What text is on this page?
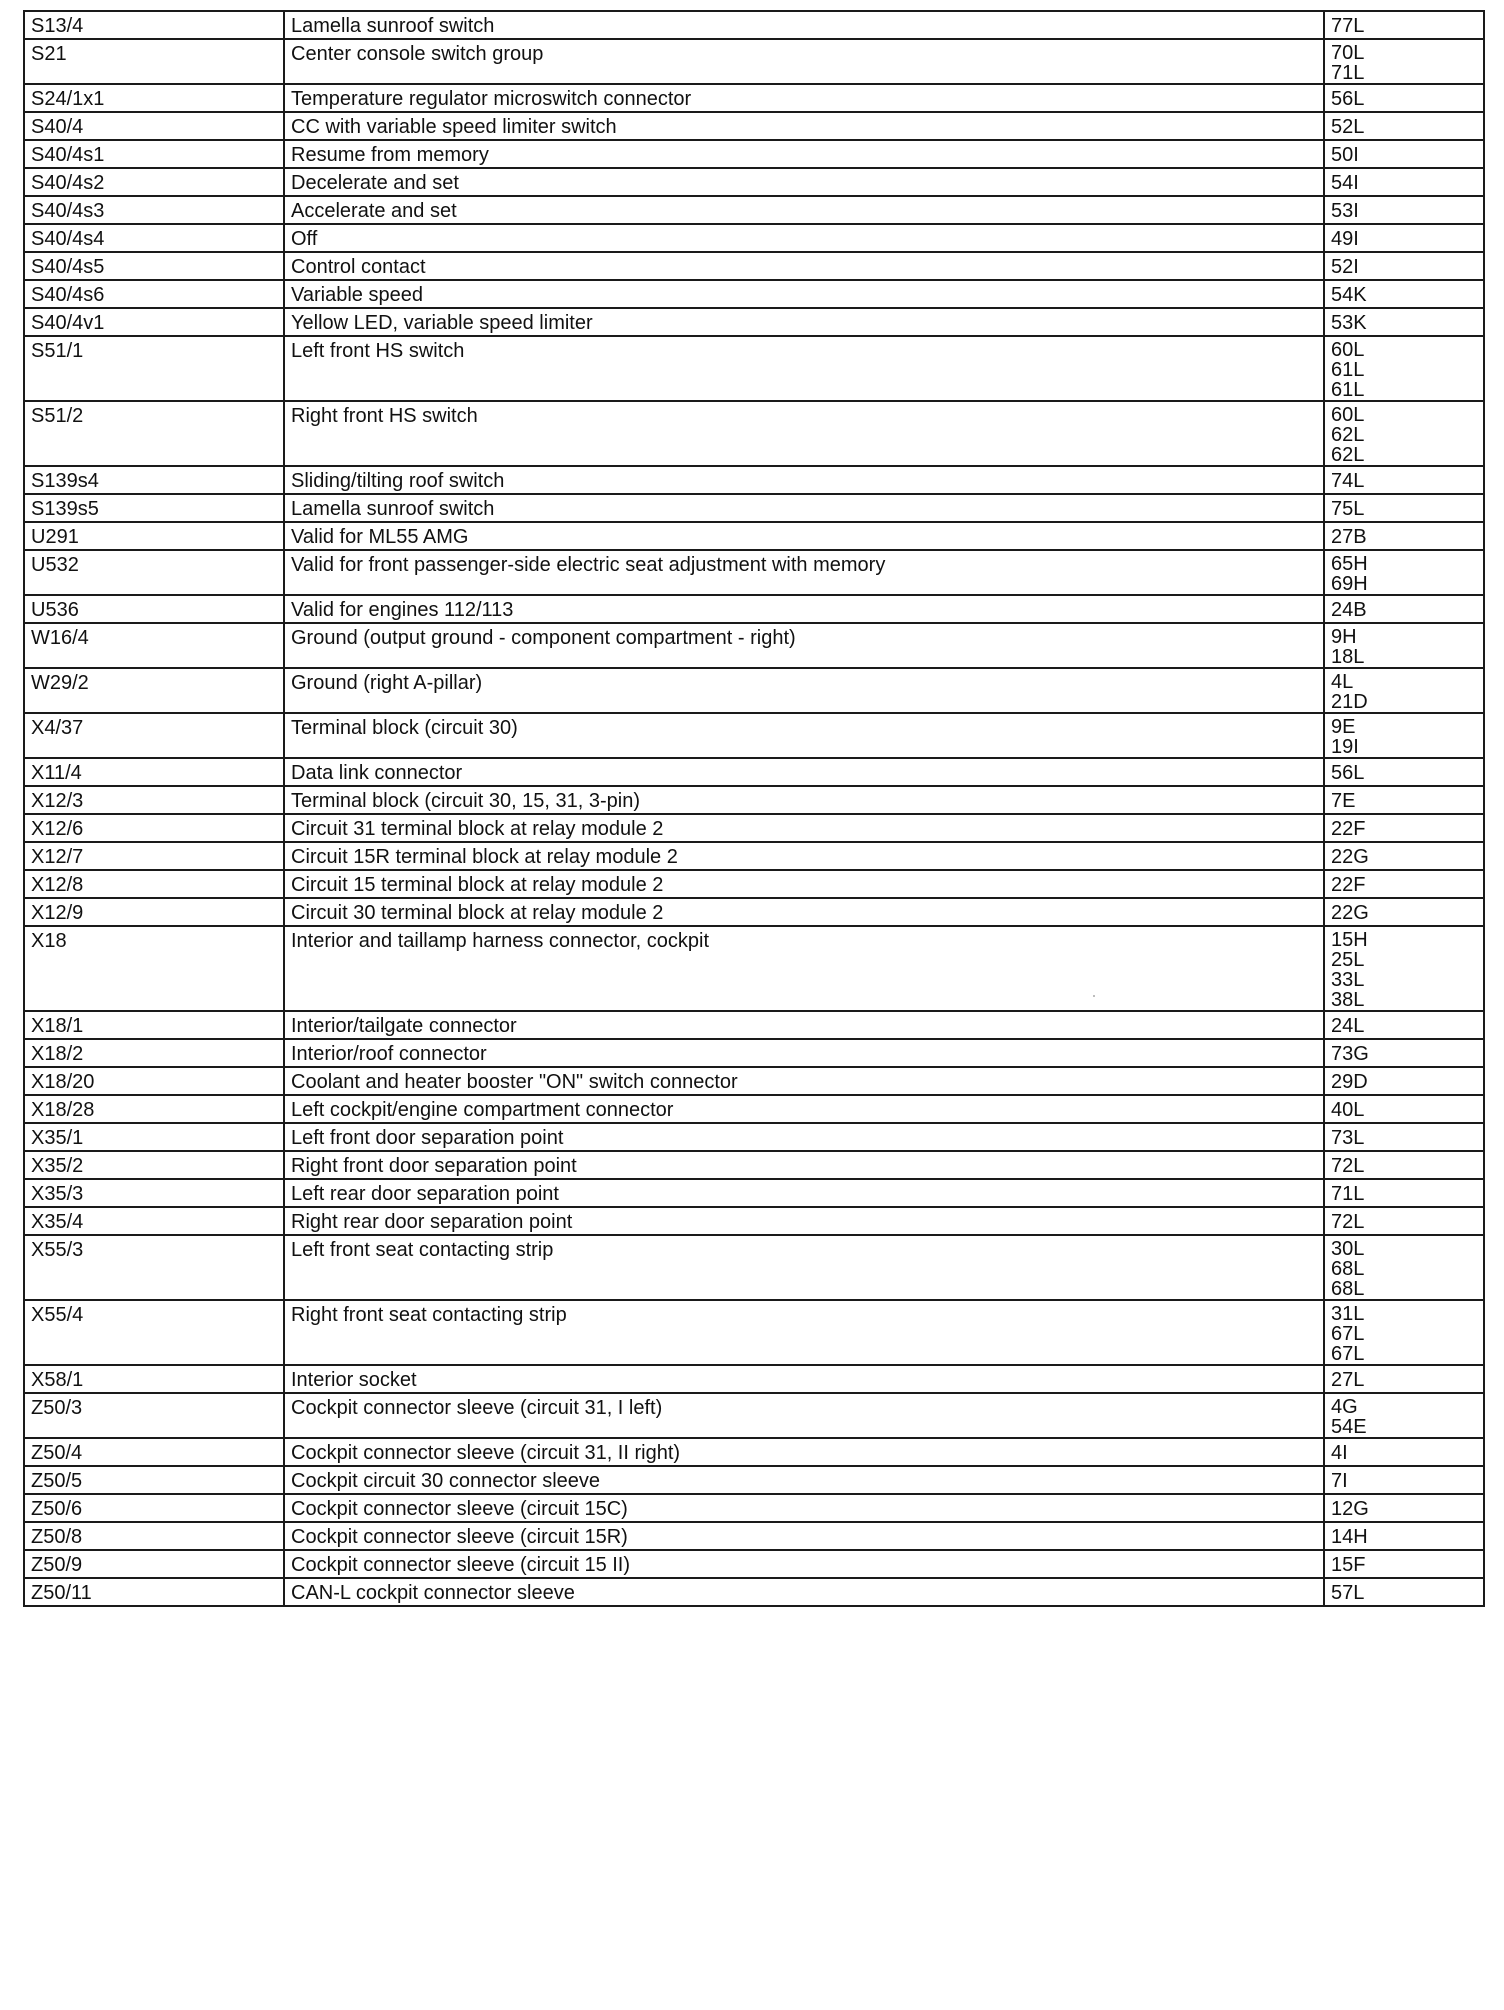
S13/4	Lamella sunroof switch	77L

S21	Center console switch group	70L
71L

S24/1x1	Temperature regulator microswitch connector	56L

S40/4	CC with variable speed limiter switch	52L

S40/4s1	Resume from memory	50I

S40/4s2	Decelerate and set	54I

S40/4s3	Accelerate and set	53I

S40/4s4	Off	49I

S40/4s5	Control contact	52I

S40/4s6	Variable speed	54K

S40/4v1	Yellow LED, variable speed limiter	53K

S51/1	Left front HS switch	60L
61L
61L

S51/2	Right front HS switch	60L
62L
62L

S139s4	Sliding/tilting roof switch	74L

S139s5	Lamella sunroof switch	75L

U291	Valid for ML55 AMG	27B

U532	Valid for front passenger-side electric seat adjustment with memory	65H
69H

U536	Valid for engines 112/113	24B

W16/4	Ground (output ground - component compartment - right)	9H
18L

W29/2	Ground (right A-pillar)	4L
21D

X4/37	Terminal block (circuit 30)	9E
19I

X11/4	Data link connector	56L

X12/3	Terminal block (circuit 30, 15, 31, 3-pin)	7E

X12/6	Circuit 31 terminal block at relay module 2	22F

X12/7	Circuit 15R terminal block at relay module 2	22G

X12/8	Circuit 15 terminal block at relay module 2	22F

X12/9	Circuit 30 terminal block at relay module 2	22G

X18	Interior and taillamp harness connector, cockpit	15H
25L
33L
38L

X18/1	Interior/tailgate connector	24L

X18/2	Interior/roof connector	73G

X18/20	Coolant and heater booster "ON" switch connector	29D

X18/28	Left cockpit/engine compartment connector	40L

X35/1	Left front door separation point	73L

X35/2	Right front door separation point	72L

X35/3	Left rear door separation point	71L

X35/4	Right rear door separation point	72L

X55/3	Left front seat contacting strip	30L
68L
68L

X55/4	Right front seat contacting strip	31L
67L
67L

X58/1	Interior socket	27L

Z50/3	Cockpit connector sleeve (circuit 31, I left)	4G
54E

Z50/4	Cockpit connector sleeve (circuit 31, II right)	4I

Z50/5	Cockpit circuit 30 connector sleeve	7I

Z50/6	Cockpit connector sleeve (circuit 15C)	12G

Z50/8	Cockpit connector sleeve (circuit 15R)	14H

Z50/9	Cockpit connector sleeve (circuit 15 II)	15F

Z50/11	CAN-L cockpit connector sleeve	57L
